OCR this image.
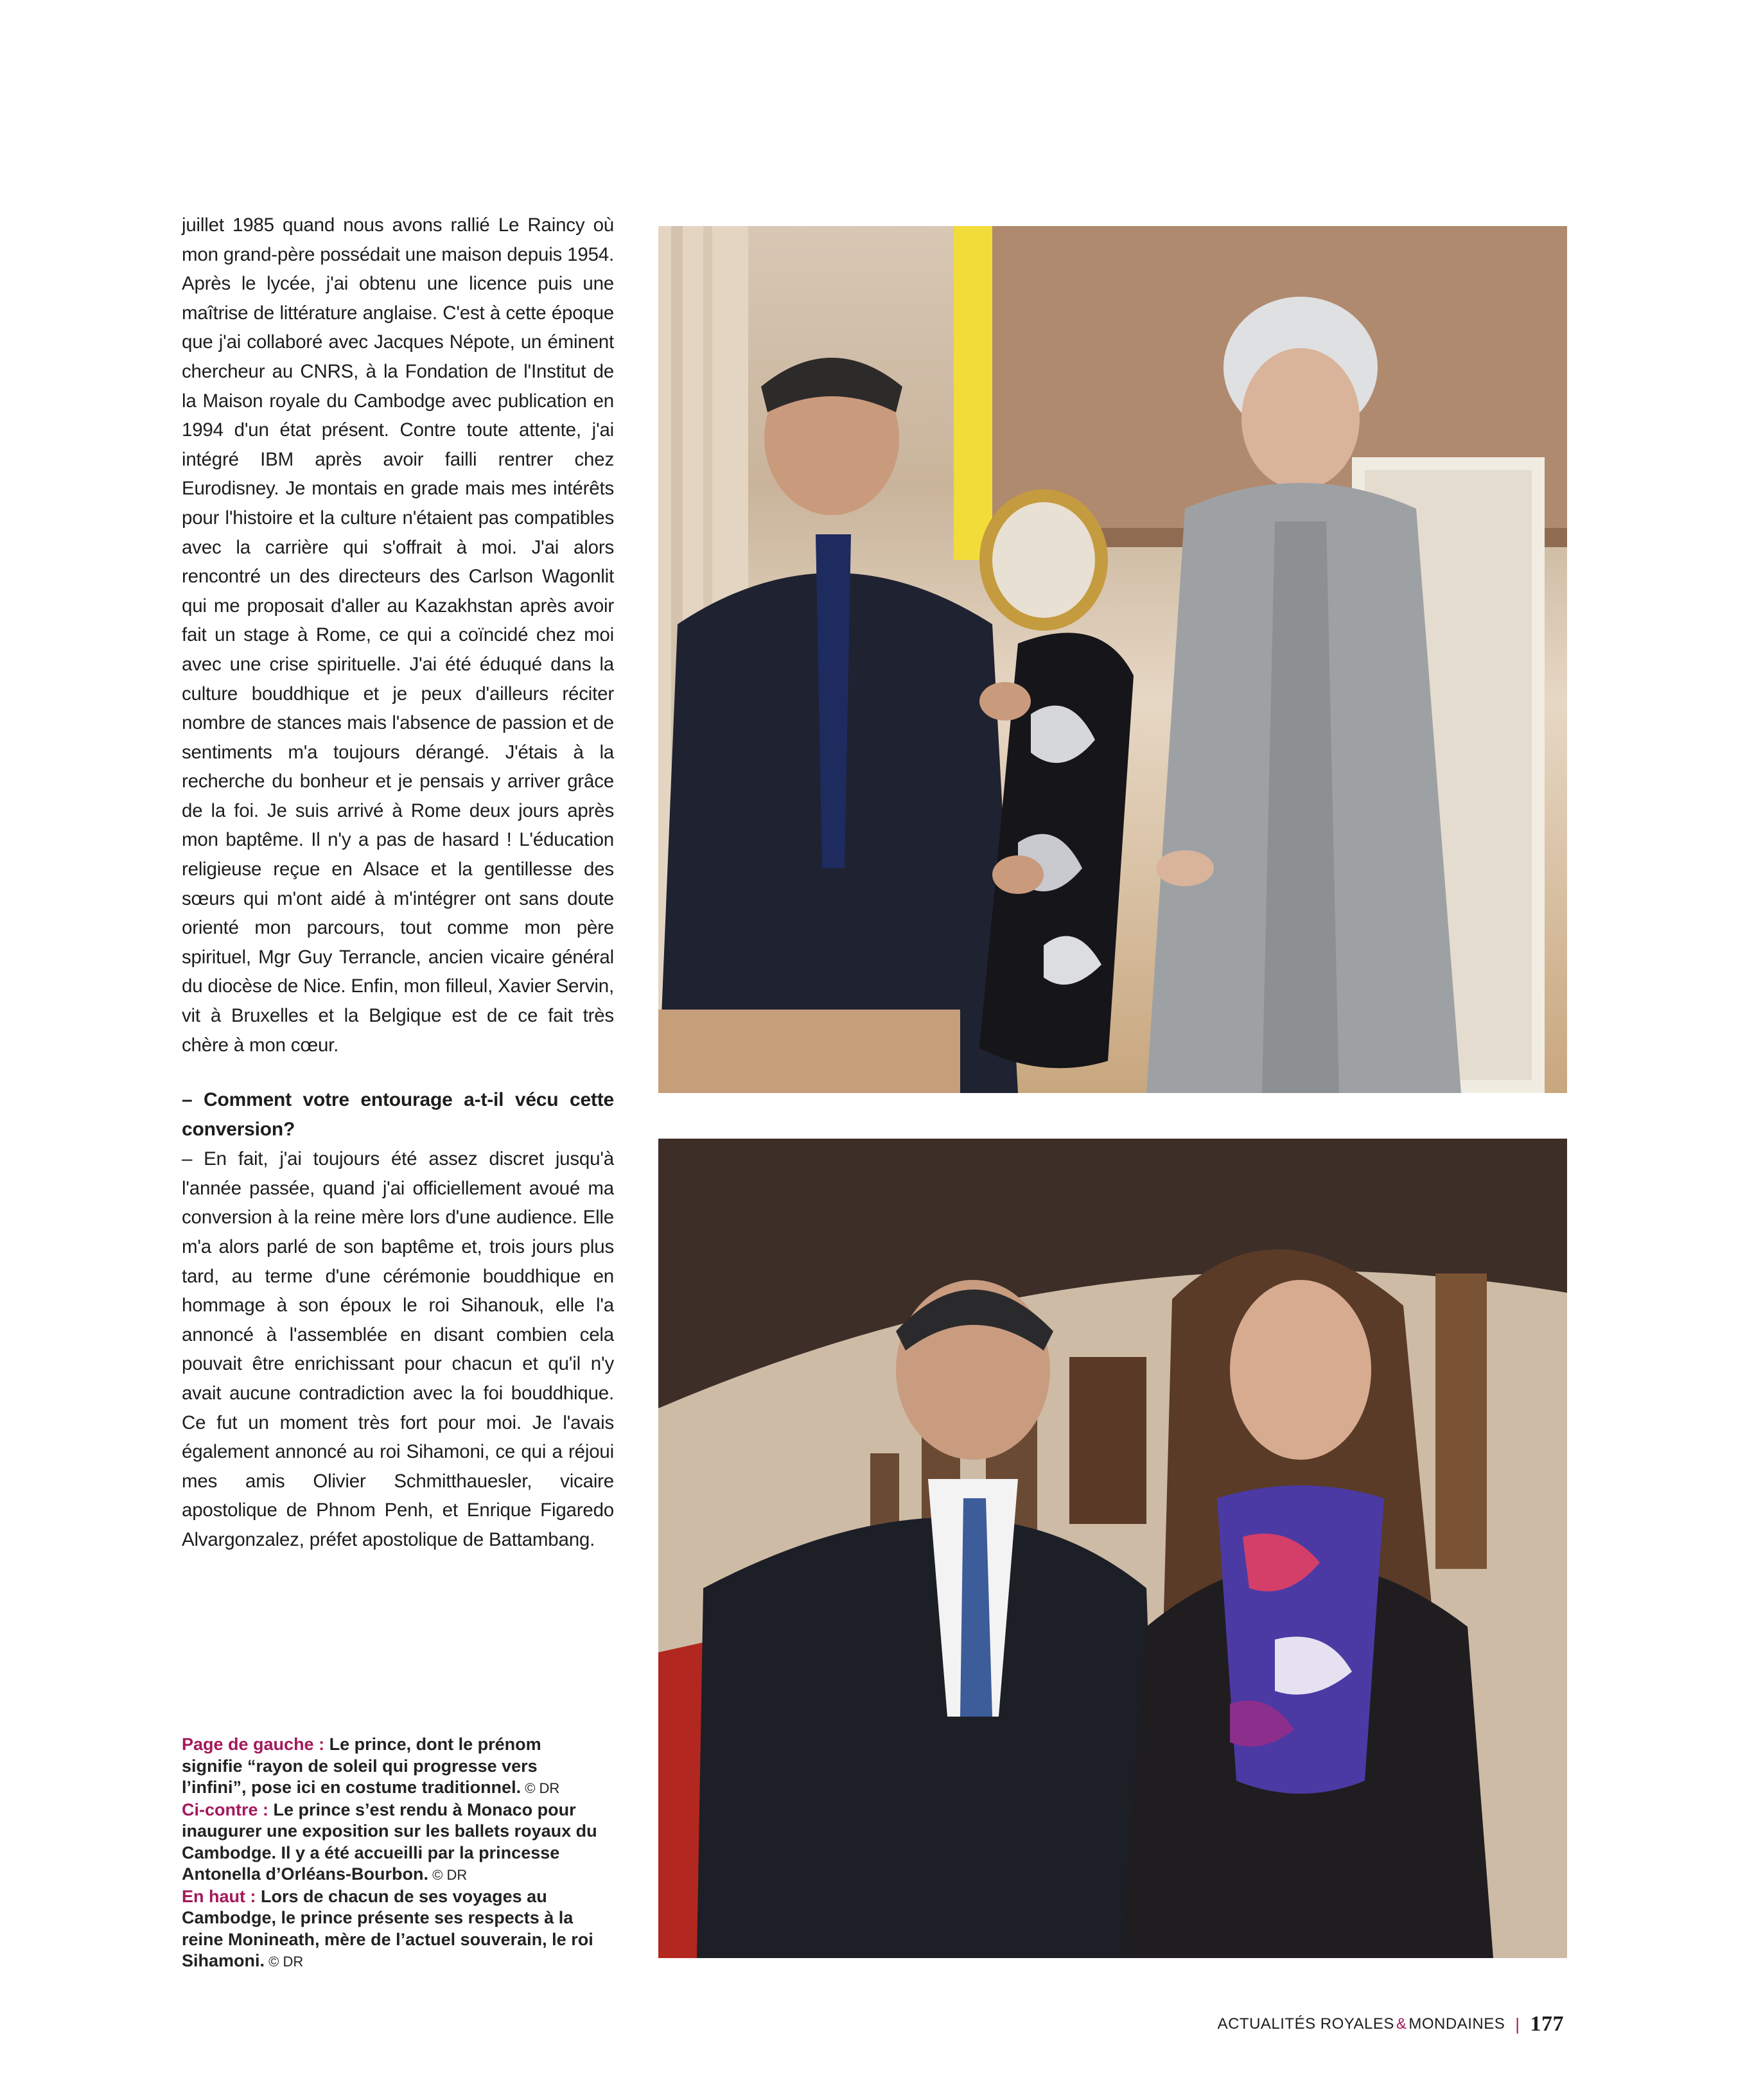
juillet 1985 quand nous avons rallié Le Raincy où mon grand-père possédait une maison depuis 1954. Après le lycée, j'ai obtenu une licence puis une maîtrise de littérature anglaise. C'est à cette époque que j'ai collaboré avec Jacques Népote, un éminent chercheur au CNRS, à la Fondation de l'Institut de la Maison royale du Cambodge avec publication en 1994 d'un état présent. Contre toute attente, j'ai intégré IBM après avoir failli rentrer chez Eurodisney. Je montais en grade mais mes intérêts pour l'histoire et la culture n'étaient pas compatibles avec la carrière qui s'offrait à moi. J'ai alors rencontré un des directeurs des Carlson Wagonlit qui me proposait d'aller au Kazakhstan après avoir fait un stage à Rome, ce qui a coïncidé chez moi avec une crise spirituelle. J'ai été éduqué dans la culture bouddhique et je peux d'ailleurs réciter nombre de stances mais l'absence de passion et de sentiments m'a toujours dérangé. J'étais à la recherche du bonheur et je pensais y arriver grâce de la foi. Je suis arrivé à Rome deux jours après mon baptême. Il n'y a pas de hasard ! L'éducation religieuse reçue en Alsace et la gentillesse des sœurs qui m'ont aidé à m'intégrer ont sans doute orienté mon parcours, tout comme mon père spirituel, Mgr Guy Terrancle, ancien vicaire général du diocèse de Nice. Enfin, mon filleul, Xavier Servin, vit à Bruxelles et la Belgique est de ce fait très chère à mon cœur.

– Comment votre entourage a-t-il vécu cette conversion?

– En fait, j'ai toujours été assez discret jusqu'à l'année passée, quand j'ai officiellement avoué ma conversion à la reine mère lors d'une audience. Elle m'a alors parlé de son baptême et, trois jours plus tard, au terme d'une cérémonie bouddhique en hommage à son époux le roi Sihanouk, elle l'a annoncé à l'assemblée en disant combien cela pouvait être enrichissant pour chacun et qu'il n'y avait aucune contradiction avec la foi bouddhique. Ce fut un moment très fort pour moi. Je l'avais également annoncé au roi Sihamoni, ce qui a réjoui mes amis Olivier Schmitthauesler, vicaire apostolique de Phnom Penh, et Enrique Figaredo Alvargonzalez, préfet apostolique de Battambang.

Page de gauche : Le prince, dont le prénom signifie “rayon de soleil qui progresse vers l’infini”, pose ici en costume traditionnel. © DR
Ci-contre : Le prince s’est rendu à Monaco pour inaugurer une exposition sur les ballets royaux du Cambodge. Il y a été accueilli par la princesse Antonella d’Orléans-Bourbon. © DR
En haut : Lors de chacun de ses voyages au Cambodge, le prince présente ses respects à la reine Monineath, mère de l’actuel souverain, le roi Sihamoni. © DR
ACTUALITÉS ROYALES & MONDAINES | 177
